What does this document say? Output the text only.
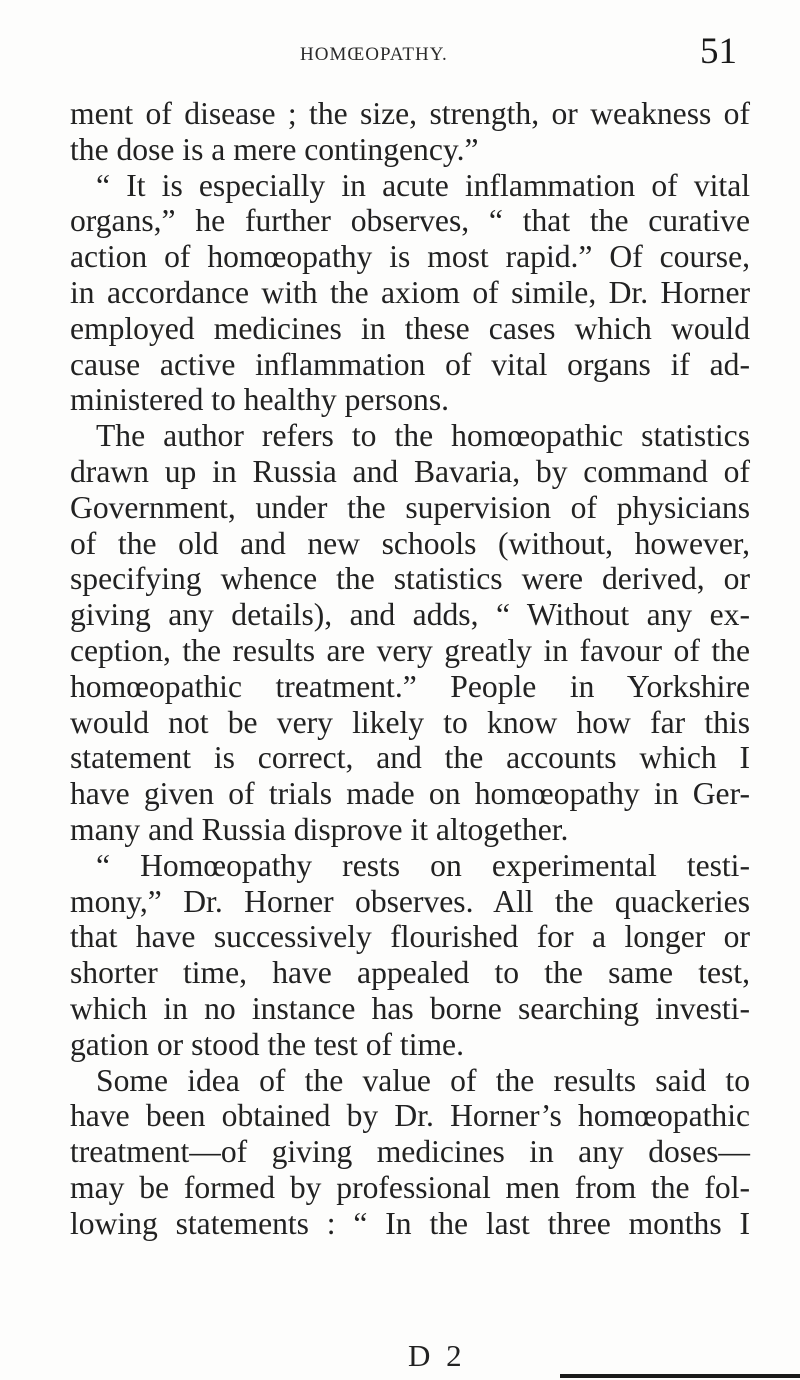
HOMŒOPATHY.	51
ment of disease ; the size, strength, or weakness of
the dose is a mere contingency.”
“ It is especially in acute inflammation of vital
organs,” he further observes, “ that the curative
action of homœopathy is most rapid.” Of course,
in accordance with the axiom of simile, Dr. Horner
employed medicines in these cases which would
cause active inflammation of vital organs if ad-
ministered to healthy persons.
The author refers to the homœopathic statistics
drawn up in Russia and Bavaria, by command of
Government, under the supervision of physicians
of the old and new schools (without, however,
specifying whence the statistics were derived, or
giving any details), and adds, “ Without any ex-
ception, the results are very greatly in favour of the
homœopathic treatment.” People in Yorkshire
would not be very likely to know how far this
statement is correct, and the accounts which I
have given of trials made on homœopathy in Ger-
many and Russia disprove it altogether.
“ Homœopathy rests on experimental testi-
mony,” Dr. Horner observes. All the quackeries
that have successively flourished for a longer or
shorter time, have appealed to the same test,
which in no instance has borne searching investi-
gation or stood the test of time.
Some idea of the value of the results said to
have been obtained by Dr. Horner’s homœopathic
treatment—of giving medicines in any doses—
may be formed by professional men from the fol-
lowing statements : “ In the last three months I
D 2
